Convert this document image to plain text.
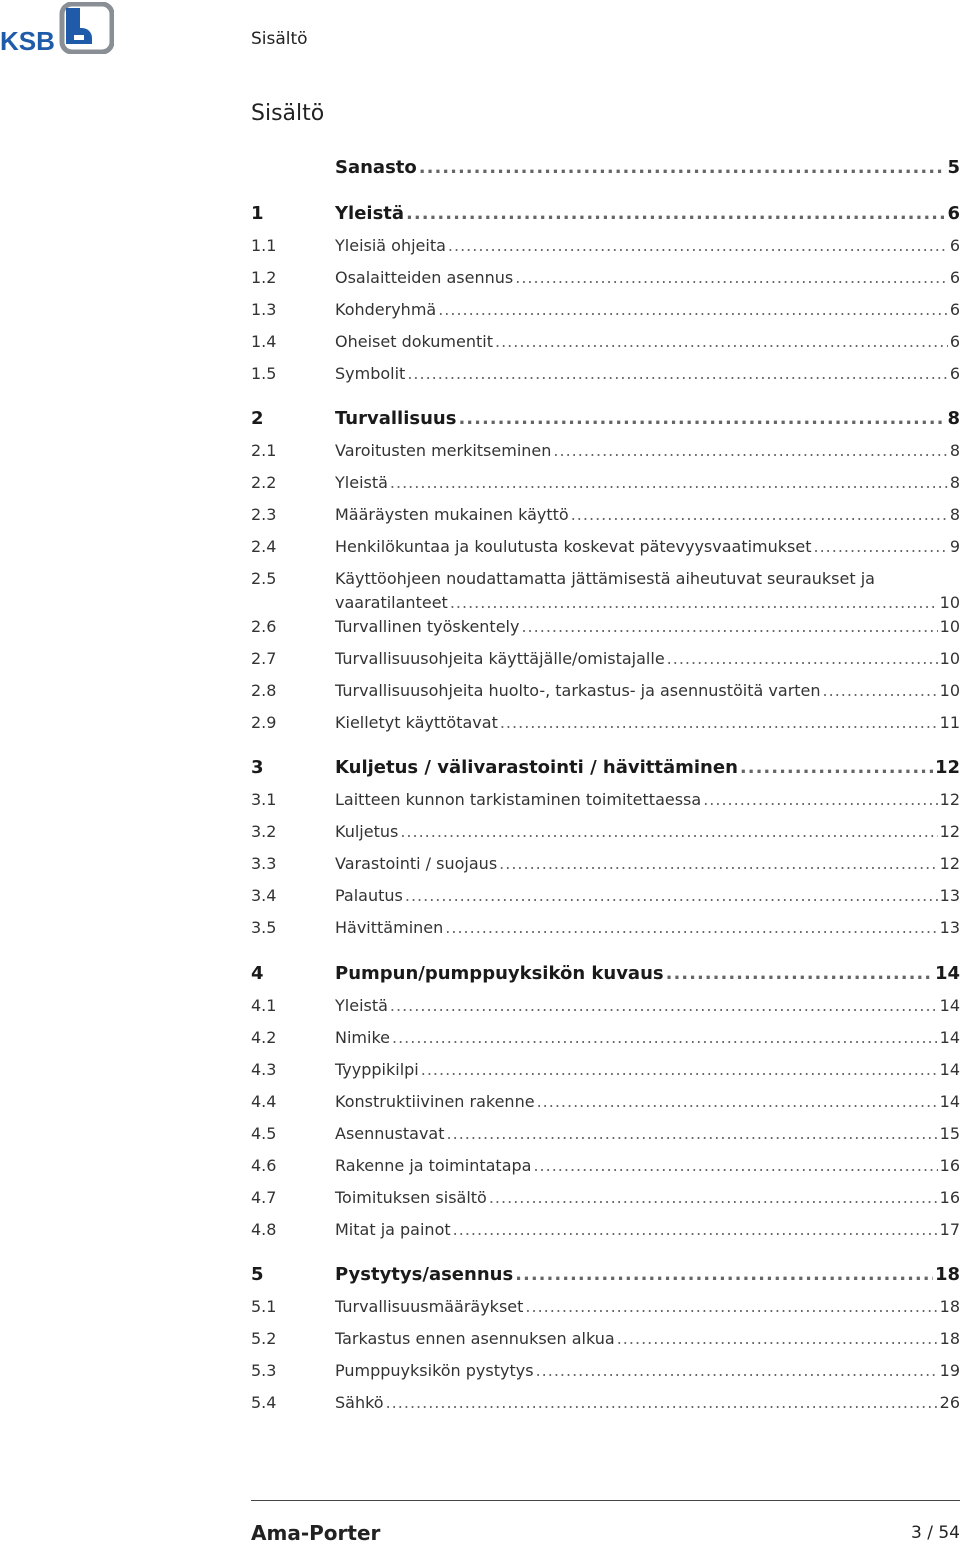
KSB	Sisältö
Sisältö
Sanasto .....	5
1	Yleistä .....	6
1.1	Yleisiä ohjeita .....	6
1.2	Osalaitteiden asennus .....	6
1.3	Kohderyhmä .....	6
1.4	Oheiset dokumentit .....	6
1.5	Symbolit .....	6
2	Turvallisuus .....	8
2.1	Varoitusten merkitseminen .....	8
2.2	Yleistä .....	8
2.3	Määräysten mukainen käyttö .....	8
2.4	Henkilökuntaa ja koulutusta koskevat pätevyysvaatimukset .....	9
2.5	Käyttöohjeen noudattamatta jättämisestä aiheutuvat seuraukset ja
vaaratilanteet .....	10
2.6	Turvallinen työskentely .....	10
2.7	Turvallisuusohjeita käyttäjälle/omistajalle .....	10
2.8	Turvallisuusohjeita huolto-, tarkastus- ja asennustöitä varten .....	10
2.9	Kielletyt käyttötavat .....	11
3	Kuljetus / välivarastointi / hävittäminen .....	12
3.1	Laitteen kunnon tarkistaminen toimitettaessa .....	12
3.2	Kuljetus .....	12
3.3	Varastointi / suojaus .....	12
3.4	Palautus .....	13
3.5	Hävittäminen .....	13
4	Pumpun/pumppuyksikön kuvaus .....	14
4.1	Yleistä .....	14
4.2	Nimike .....	14
4.3	Tyyppikilpi .....	14
4.4	Konstruktiivinen rakenne .....	14
4.5	Asennustavat .....	15
4.6	Rakenne ja toimintatapa .....	16
4.7	Toimituksen sisältö .....	16
4.8	Mitat ja painot .....	17
5	Pystytys/asennus .....	18
5.1	Turvallisuusmääräykset .....	18
5.2	Tarkastus ennen asennuksen alkua .....	18
5.3	Pumppuyksikön pystytys .....	19
5.4	Sähkö .....	26
Ama-Porter	3 / 54
